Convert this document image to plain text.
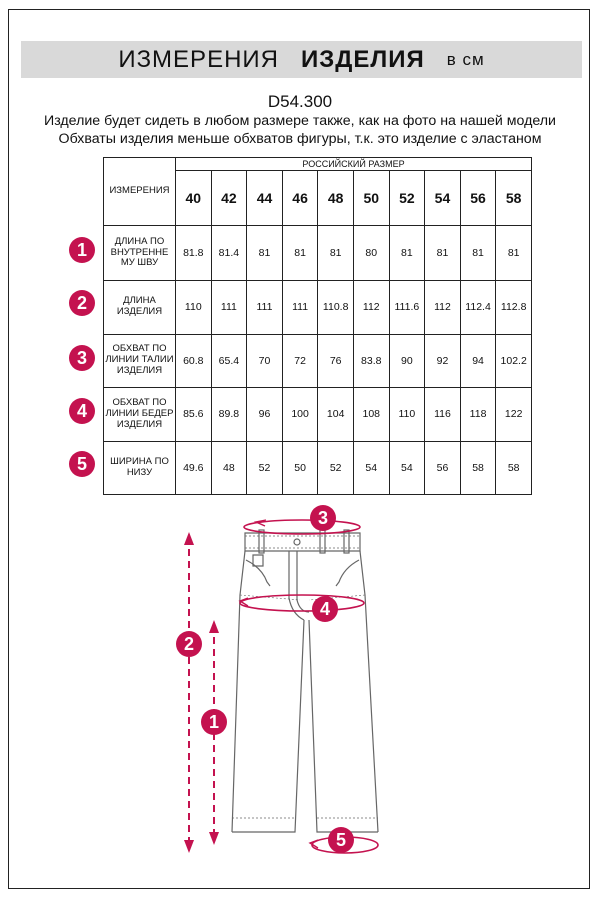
ИЗМЕРЕНИЯ ИЗДЕЛИЯ в см
D54.300
Изделие будет сидеть в любом размере также, как на фото на нашей модели
Обхваты изделия меньше обхватов фигуры, т.к. это изделие с эластаном
ИЗМЕРЕНИЯ	РОССИЙСКИЙ РАЗМЕР									
	40	42	44	46	48	50	52	54	56	58
ДЛИНА ПО ВНУТРЕННЕ МУ ШВУ	81.8	81.4	81	81	81	80	81	81	81	81
ДЛИНА ИЗДЕЛИЯ	110	111	111	111	110.8	112	111.6	112	112.4	112.8
ОБХВАТ ПО ЛИНИИ ТАЛИИ ИЗДЕЛИЯ	60.8	65.4	70	72	76	83.8	90	92	94	102.2
ОБХВАТ ПО ЛИНИИ БЕДЕР ИЗДЕЛИЯ	85.6	89.8	96	100	104	108	110	116	118	122
ШИРИНА ПО НИЗУ	49.6	48	52	50	52	54	54	56	58	58
1
2
3
4
5
3
4
2
1
5
